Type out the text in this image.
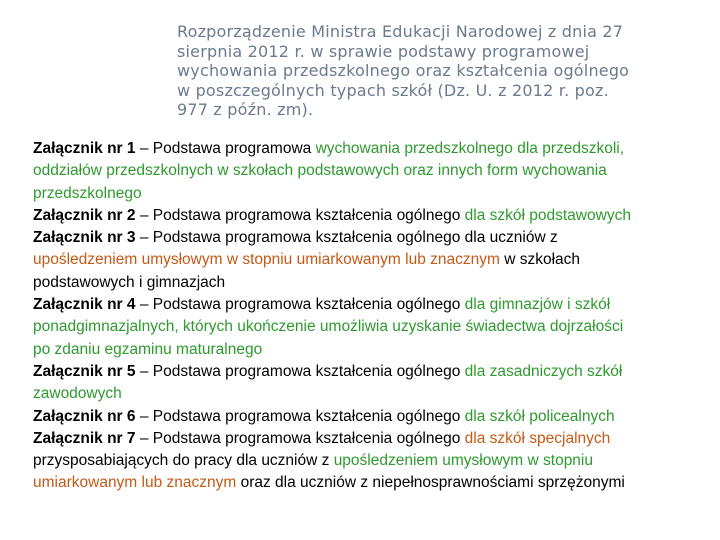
Rozporządzenie Ministra Edukacji Narodowej z dnia 27
sierpnia 2012 r. w sprawie podstawy programowej
wychowania przedszkolnego oraz kształcenia ogólnego
w poszczególnych typach szkół (Dz. U. z 2012 r. poz.
977 z późn. zm).
Załącznik nr 1 – Podstawa programowa wychowania przedszkolnego dla przedszkoli,
oddziałów przedszkolnych w szkołach podstawowych oraz innych form wychowania
przedszkolnego
Załącznik nr 2 – Podstawa programowa kształcenia ogólnego dla szkół podstawowych
Załącznik nr 3 – Podstawa programowa kształcenia ogólnego dla uczniów z
upośledzeniem umysłowym w stopniu umiarkowanym lub znacznym w szkołach
podstawowych i gimnazjach
Załącznik nr 4 – Podstawa programowa kształcenia ogólnego dla gimnazjów i szkół
ponadgimnazjalnych, których ukończenie umożliwia uzyskanie świadectwa dojrzałości
po zdaniu egzaminu maturalnego
Załącznik nr 5 – Podstawa programowa kształcenia ogólnego dla zasadniczych szkół
zawodowych
Załącznik nr 6 – Podstawa programowa kształcenia ogólnego dla szkół policealnych
Załącznik nr 7 – Podstawa programowa kształcenia ogólnego dla szkół specjalnych
przysposabiających do pracy dla uczniów z upośledzeniem umysłowym w stopniu
umiarkowanym lub znacznym oraz dla uczniów z niepełnosprawnościami sprzężonymi
